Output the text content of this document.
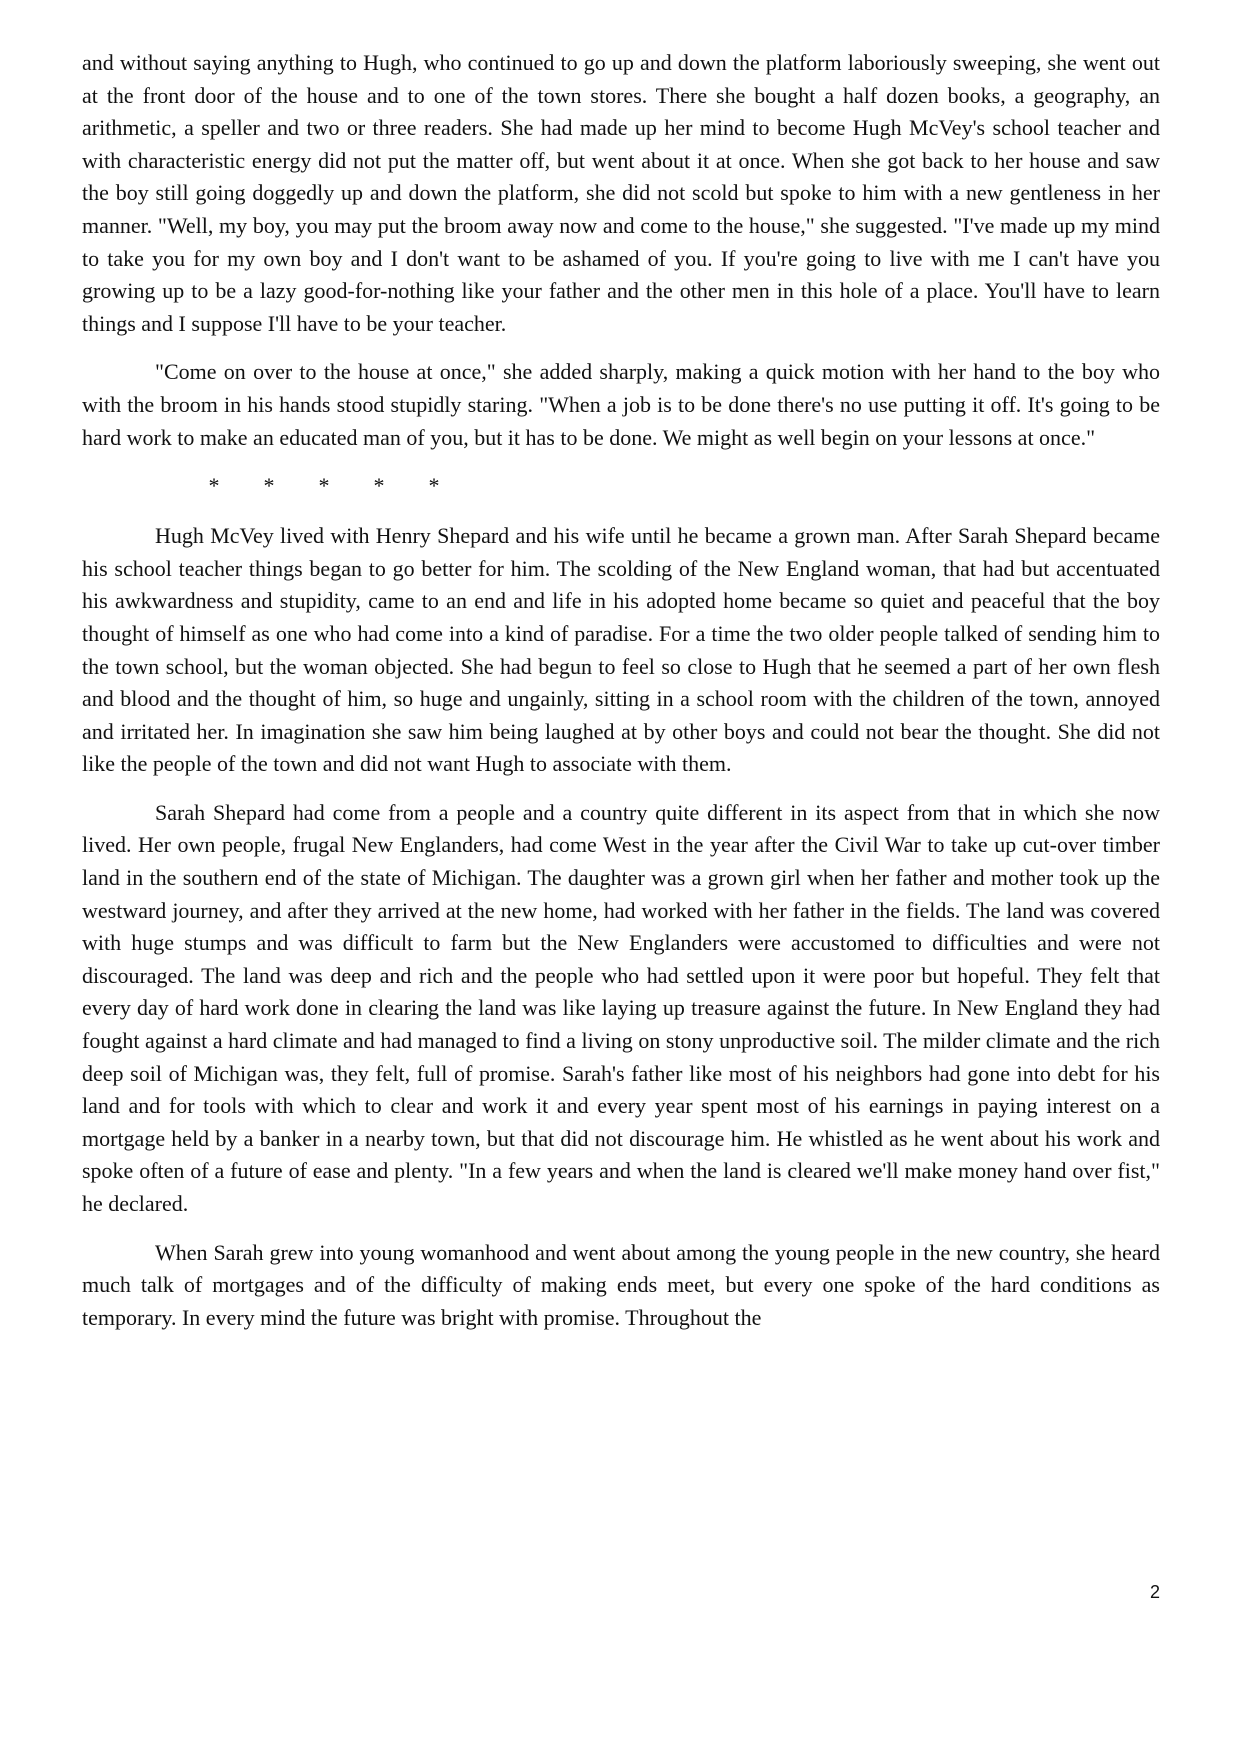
and without saying anything to Hugh, who continued to go up and down the platform laboriously sweeping, she went out at the front door of the house and to one of the town stores. There she bought a half dozen books, a geography, an arithmetic, a speller and two or three readers. She had made up her mind to become Hugh McVey's school teacher and with characteristic energy did not put the matter off, but went about it at once. When she got back to her house and saw the boy still going doggedly up and down the platform, she did not scold but spoke to him with a new gentleness in her manner. "Well, my boy, you may put the broom away now and come to the house," she suggested. "I've made up my mind to take you for my own boy and I don't want to be ashamed of you. If you're going to live with me I can't have you growing up to be a lazy good-for-nothing like your father and the other men in this hole of a place. You'll have to learn things and I suppose I'll have to be your teacher.

"Come on over to the house at once," she added sharply, making a quick motion with her hand to the boy who with the broom in his hands stood stupidly staring. "When a job is to be done there's no use putting it off. It's going to be hard work to make an educated man of you, but it has to be done. We might as well begin on your lessons at once."

*	*	*	*	*

Hugh McVey lived with Henry Shepard and his wife until he became a grown man. After Sarah Shepard became his school teacher things began to go better for him. The scolding of the New England woman, that had but accentuated his awkwardness and stupidity, came to an end and life in his adopted home became so quiet and peaceful that the boy thought of himself as one who had come into a kind of paradise. For a time the two older people talked of sending him to the town school, but the woman objected. She had begun to feel so close to Hugh that he seemed a part of her own flesh and blood and the thought of him, so huge and ungainly, sitting in a school room with the children of the town, annoyed and irritated her. In imagination she saw him being laughed at by other boys and could not bear the thought. She did not like the people of the town and did not want Hugh to associate with them.

Sarah Shepard had come from a people and a country quite different in its aspect from that in which she now lived. Her own people, frugal New Englanders, had come West in the year after the Civil War to take up cut-over timber land in the southern end of the state of Michigan. The daughter was a grown girl when her father and mother took up the westward journey, and after they arrived at the new home, had worked with her father in the fields. The land was covered with huge stumps and was difficult to farm but the New Englanders were accustomed to difficulties and were not discouraged. The land was deep and rich and the people who had settled upon it were poor but hopeful. They felt that every day of hard work done in clearing the land was like laying up treasure against the future. In New England they had fought against a hard climate and had managed to find a living on stony unproductive soil. The milder climate and the rich deep soil of Michigan was, they felt, full of promise. Sarah's father like most of his neighbors had gone into debt for his land and for tools with which to clear and work it and every year spent most of his earnings in paying interest on a mortgage held by a banker in a nearby town, but that did not discourage him. He whistled as he went about his work and spoke often of a future of ease and plenty. "In a few years and when the land is cleared we'll make money hand over fist," he declared.

When Sarah grew into young womanhood and went about among the young people in the new country, she heard much talk of mortgages and of the difficulty of making ends meet, but every one spoke of the hard conditions as temporary. In every mind the future was bright with promise. Throughout the

2
